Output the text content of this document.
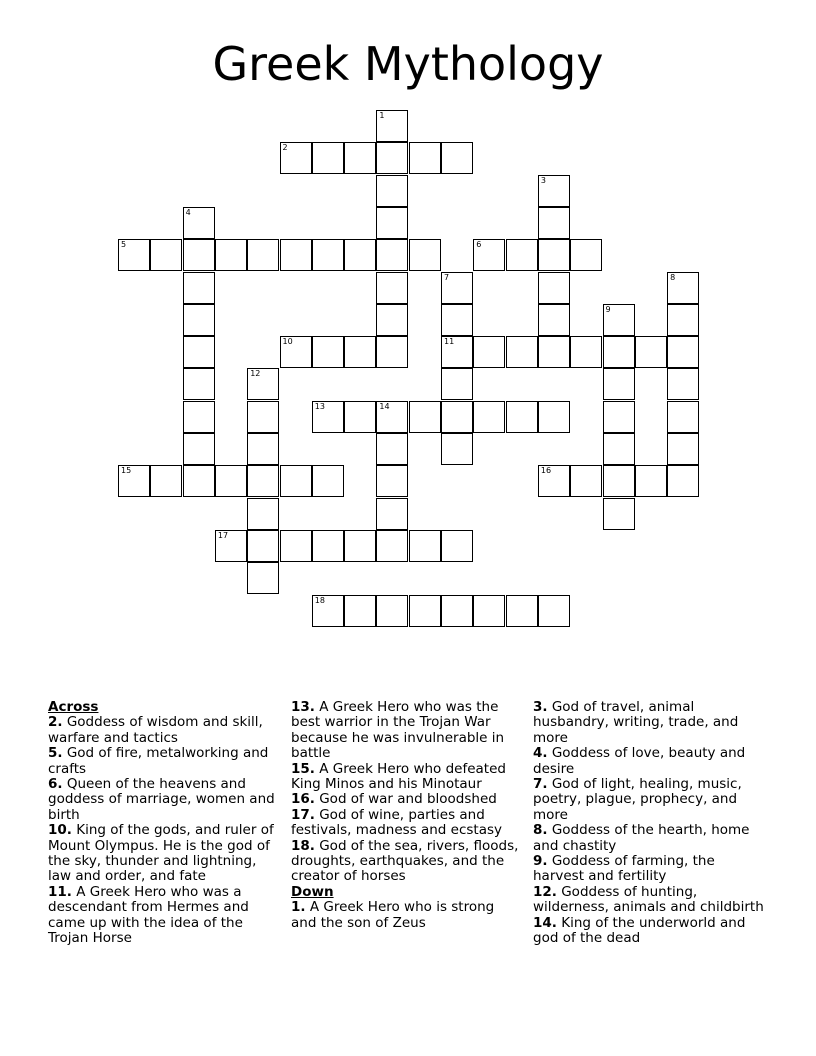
Greek Mythology
1
2
3
4
5	6
7
11
8
9
10
12
13	14
15	16
17
18

Across

2. Goddess of wisdom and skill, warfare and tactics

5. God of fire, metalworking and crafts

6. Queen of the heavens and goddess of marriage, women and birth

10. King of the gods, and ruler of Mount Olympus. He is the god of the sky, thunder and lightning, law and order, and fate

11. A Greek Hero who was a descendant from Hermes and came up with the idea of the Trojan Horse

13. A Greek Hero who was the best warrior in the Trojan War because he was invulnerable in battle

15. A Greek Hero who defeated King Minos and his Minotaur

16. God of war and bloodshed

17. God of wine, parties and festivals, madness and ecstasy

18. God of the sea, rivers, floods, droughts, earthquakes, and the creator of horses

Down

1. A Greek Hero who is strong and the son of Zeus

3. God of travel, animal husbandry, writing, trade, and more

4. Goddess of love, beauty and desire

7. God of light, healing, music, poetry, plague, prophecy, and more

8. Goddess of the hearth, home and chastity

9. Goddess of farming, the harvest and fertility

12. Goddess of hunting, wilderness, animals and childbirth

14. King of the underworld and god of the dead
